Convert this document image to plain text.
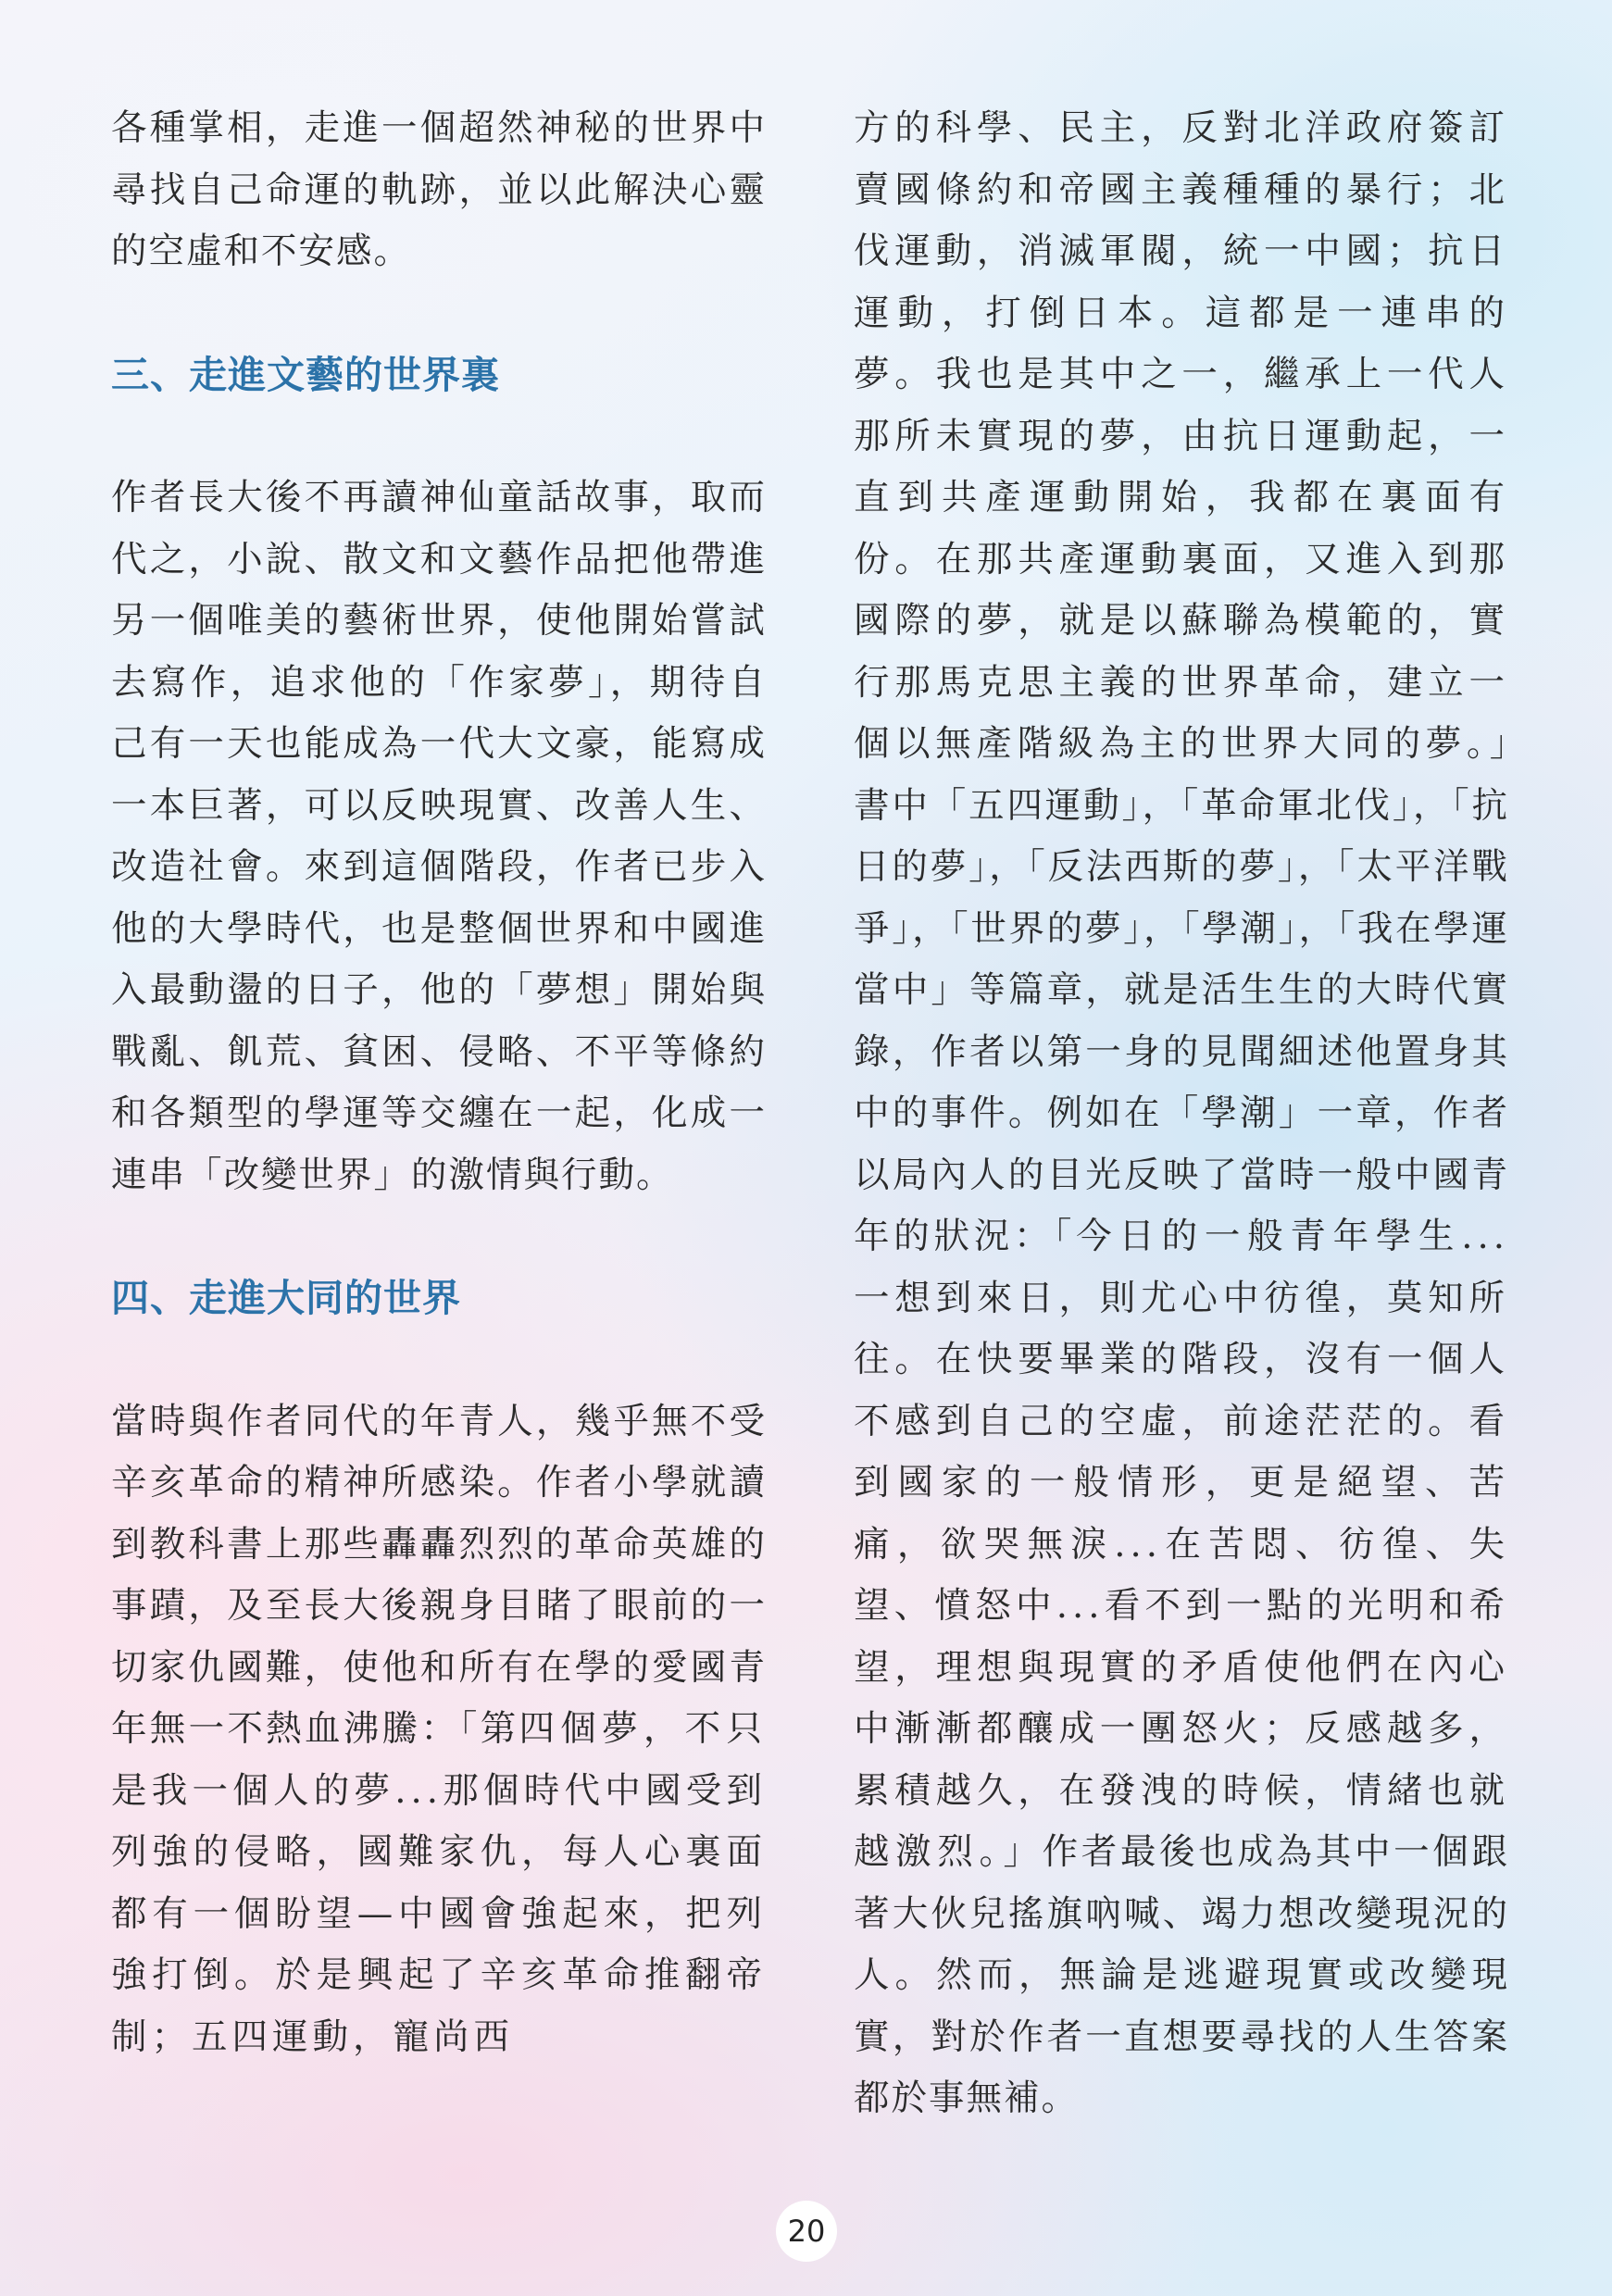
各種掌相，走進一個超然神秘的世界中尋找自己命運的軌跡，並以此解決心靈的空虛和不安感。

三、走進文藝的世界裏

作者長大後不再讀神仙童話故事，取而代之，小說、散文和文藝作品把他帶進另一個唯美的藝術世界，使他開始嘗試去寫作，追求他的「作家夢」，期待自己有一天也能成為一代大文豪，能寫成一本巨著，可以反映現實、改善人生、改造社會。來到這個階段，作者已步入他的大學時代，也是整個世界和中國進入最動盪的日子，他的「夢想」開始與戰亂、飢荒、貧困、侵略、不平等條約和各類型的學運等交纏在一起，化成一連串「改變世界」的激情與行動。

四、走進大同的世界

當時與作者同代的年青人，幾乎無不受辛亥革命的精神所感染。作者小學就讀到教科書上那些轟轟烈烈的革命英雄的事蹟，及至長大後親身目睹了眼前的一切家仇國難，使他和所有在學的愛國青年無一不熱血沸騰：「第四個夢，不只是我一個人的夢...那個時代中國受到列強的侵略，國難家仇，每人心裏面都有一個盼望—中國會強起來，把列強打倒。於是興起了辛亥革命推翻帝制；五四運動，寵尚西

方的科學、民主，反對北洋政府簽訂賣國條約和帝國主義種種的暴行；北伐運動，消滅軍閥，統一中國；抗日運動，打倒日本。這都是一連串的夢。我也是其中之一，繼承上一代人那所未實現的夢，由抗日運動起，一直到共產運動開始，我都在裏面有份。在那共產運動裏面，又進入到那國際的夢，就是以蘇聯為模範的，實行那馬克思主義的世界革命，建立一個以無產階級為主的世界大同的夢。」書中「五四運動」，「革命軍北伐」，「抗日的夢」，「反法西斯的夢」，「太平洋戰爭」，「世界的夢」，「學潮」，「我在學運當中」等篇章，就是活生生的大時代實錄，作者以第一身的見聞細述他置身其中的事件。例如在「學潮」一章，作者以局內人的目光反映了當時一般中國青年的狀況：「今日的一般青年學生...一想到來日，則尤心中彷徨，莫知所往。在快要畢業的階段，沒有一個人不感到自己的空虛，前途茫茫的。看到國家的一般情形，更是絕望、苦痛，欲哭無淚...在苦悶、彷徨、失望、憤怒中...看不到一點的光明和希望，理想與現實的矛盾使他們在內心中漸漸都釀成一團怒火；反感越多，累積越久，在發洩的時候，情緒也就越激烈。」作者最後也成為其中一個跟著大伙兒搖旗吶喊、竭力想改變現況的人。然而，無論是逃避現實或改變現實，對於作者一直想要尋找的人生答案都於事無補。

20
